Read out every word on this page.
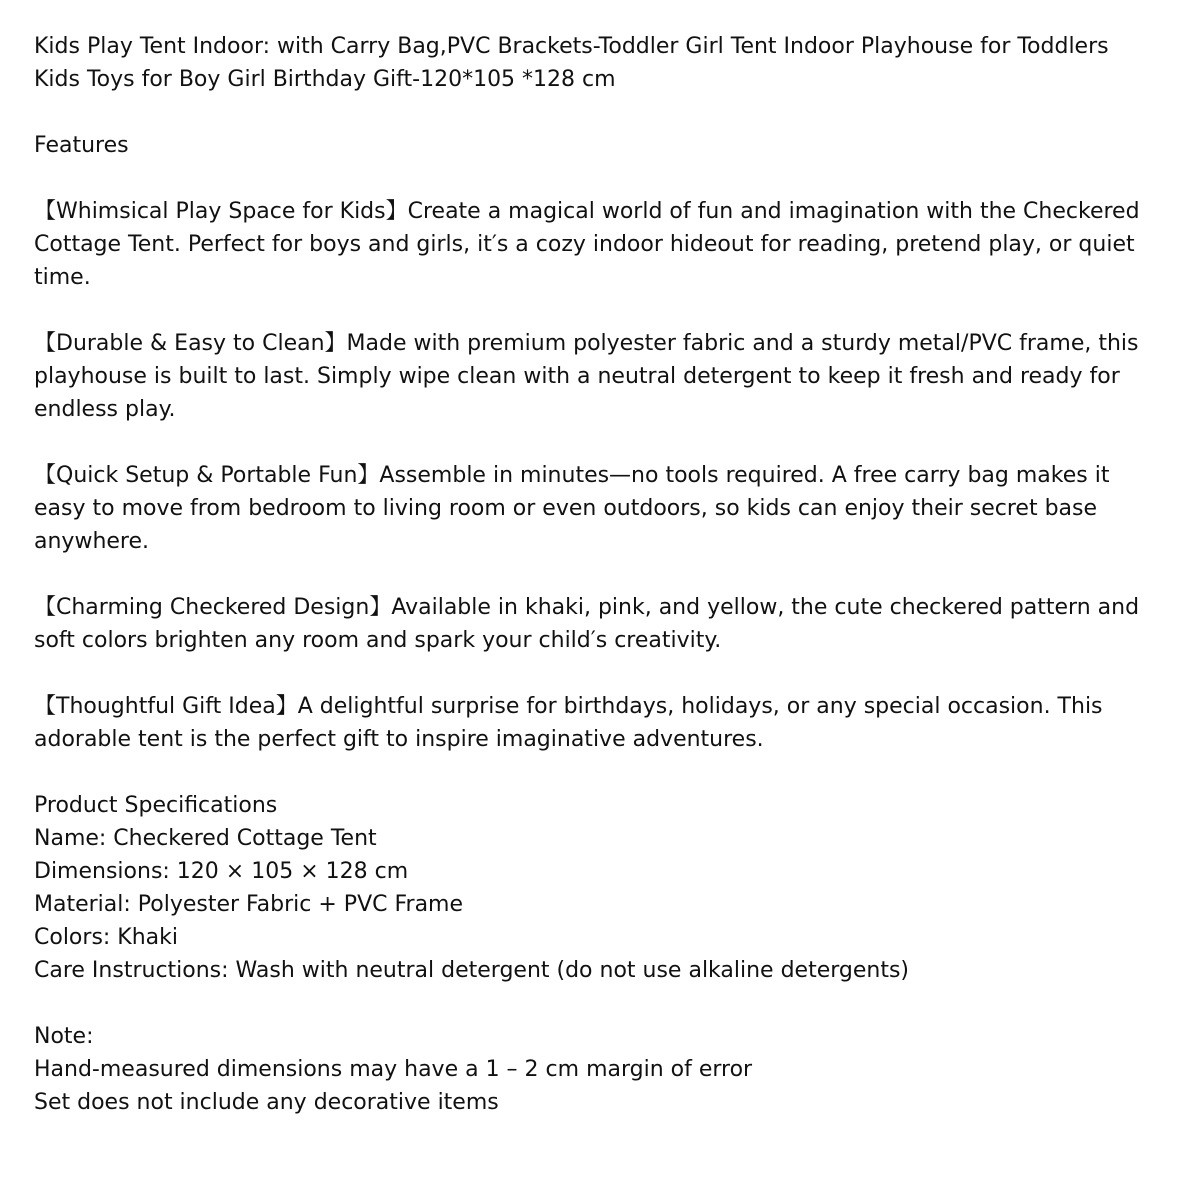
Kids Play Tent Indoor: with Carry Bag,PVC Brackets-Toddler Girl Tent Indoor Playhouse for Toddlers Kids Toys for Boy Girl Birthday Gift-120*105 *128 cm
Features

【Whimsical Play Space for Kids】Create a magical world of fun and imagination with the Checkered Cottage Tent. Perfect for boys and girls, it′s a cozy indoor hideout for reading, pretend play, or quiet time.

【Durable & Easy to Clean】Made with premium polyester fabric and a sturdy metal/PVC frame, this playhouse is built to last. Simply wipe clean with a neutral detergent to keep it fresh and ready for endless play.

【Quick Setup & Portable Fun】Assemble in minutes—no tools required. A free carry bag makes it easy to move from bedroom to living room or even outdoors, so kids can enjoy their secret base anywhere.

【Charming Checkered Design】Available in khaki, pink, and yellow, the cute checkered pattern and soft colors brighten any room and spark your child′s creativity.

【Thoughtful Gift Idea】A delightful surprise for birthdays, holidays, or any special occasion. This adorable tent is the perfect gift to inspire imaginative adventures.

Product Specifications
Name: Checkered Cottage Tent
Dimensions: 120 × 105 × 128 cm
Material: Polyester Fabric + PVC Frame
Colors: Khaki
Care Instructions: Wash with neutral detergent (do not use alkaline detergents)
Note:
Hand-measured dimensions may have a 1 – 2 cm margin of error
Set does not include any decorative items
